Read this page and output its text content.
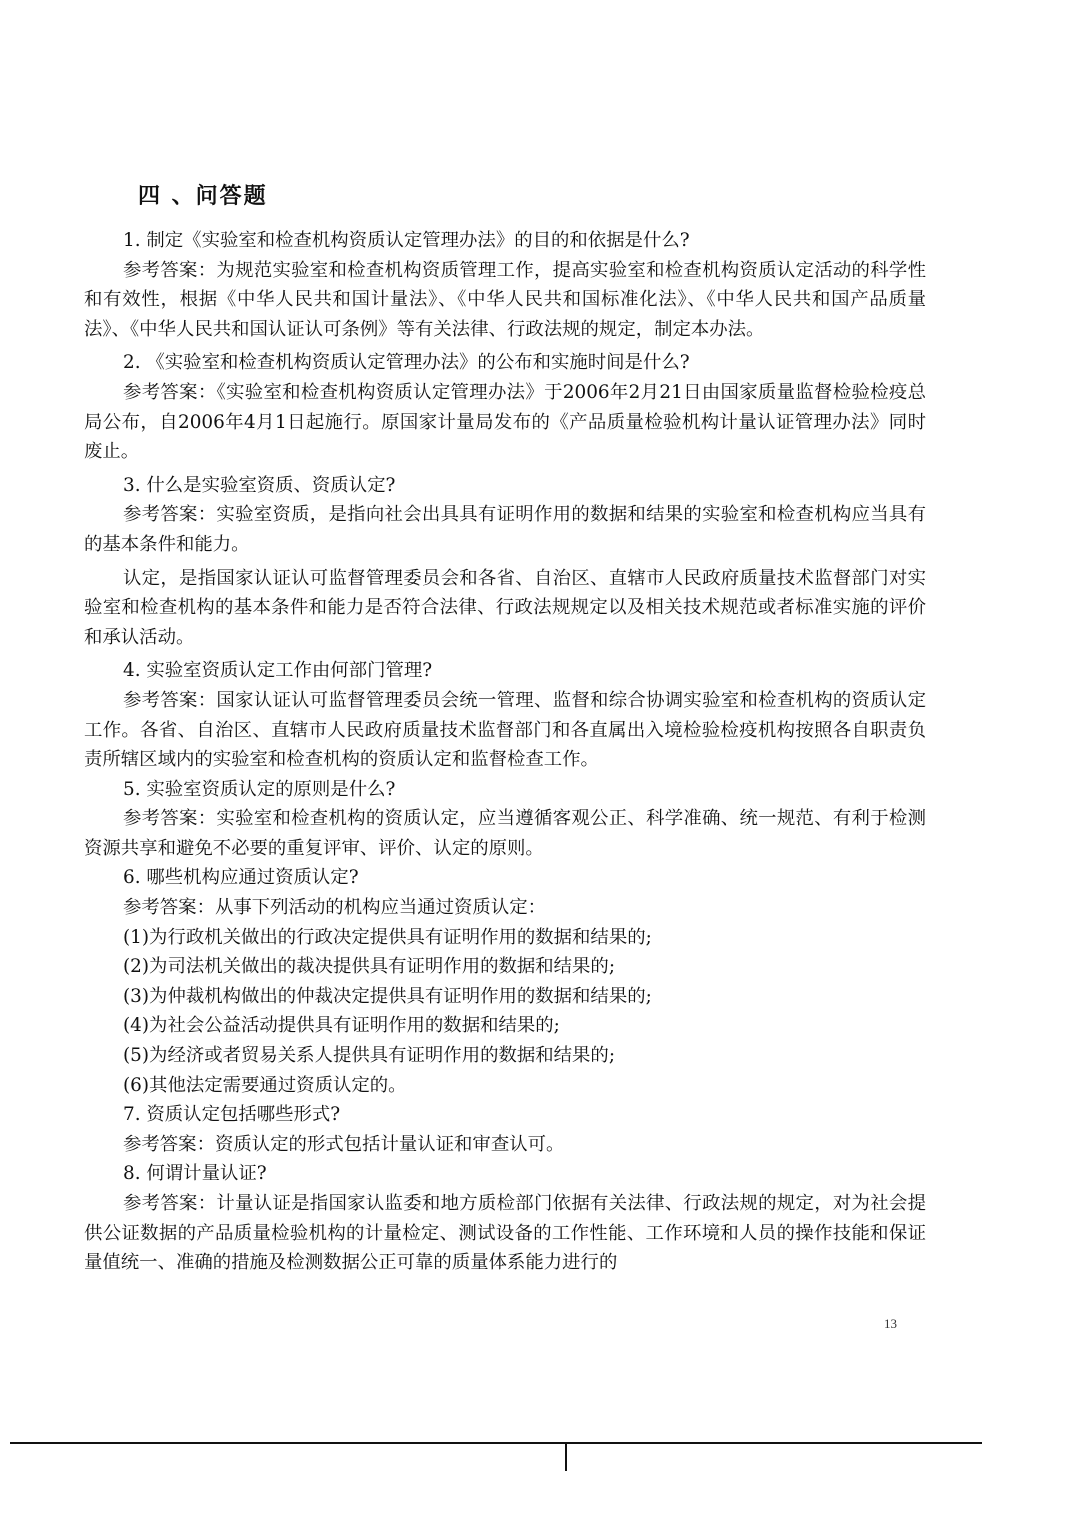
四 、问答题
1. 制定《实验室和检查机构资质认定管理办法》的目的和依据是什么?
参考答案：为规范实验室和检查机构资质管理工作，提高实验室和检查机构资质认定活动的科学性和有效性，根据《中华人民共和国计量法》、《中华人民共和国标准化法》、《中华人民共和国产品质量法》、《中华人民共和国认证认可条例》等有关法律、行政法规的规定，制定本办法。
2. 《实验室和检查机构资质认定管理办法》的公布和实施时间是什么?
参考答案：《实验室和检查机构资质认定管理办法》于2006年2月21日由国家质量监督检验检疫总局公布，自2006年4月1日起施行。原国家计量局发布的《产品质量检验机构计量认证管理办法》同时废止。
3. 什么是实验室资质、资质认定?
参考答案：实验室资质，是指向社会出具具有证明作用的数据和结果的实验室和检查机构应当具有的基本条件和能力。
认定，是指国家认证认可监督管理委员会和各省、自治区、直辖市人民政府质量技术监督部门对实验室和检查机构的基本条件和能力是否符合法律、行政法规规定以及相关技术规范或者标准实施的评价和承认活动。
4. 实验室资质认定工作由何部门管理?
参考答案：国家认证认可监督管理委员会统一管理、监督和综合协调实验室和检查机构的资质认定工作。各省、自治区、直辖市人民政府质量技术监督部门和各直属出入境检验检疫机构按照各自职责负责所辖区域内的实验室和检查机构的资质认定和监督检查工作。
5. 实验室资质认定的原则是什么?
参考答案：实验室和检查机构的资质认定，应当遵循客观公正、科学准确、统一规范、有利于检测资源共享和避免不必要的重复评审、评价、认定的原则。
6. 哪些机构应通过资质认定?
参考答案：从事下列活动的机构应当通过资质认定：
(1)为行政机关做出的行政决定提供具有证明作用的数据和结果的;
(2)为司法机关做出的裁决提供具有证明作用的数据和结果的;
(3)为仲裁机构做出的仲裁决定提供具有证明作用的数据和结果的;
(4)为社会公益活动提供具有证明作用的数据和结果的;
(5)为经济或者贸易关系人提供具有证明作用的数据和结果的;
(6)其他法定需要通过资质认定的。
7. 资质认定包括哪些形式?
参考答案：资质认定的形式包括计量认证和审查认可。
8. 何谓计量认证?
参考答案：计量认证是指国家认监委和地方质检部门依据有关法律、行政法规的规定，对为社会提供公证数据的产品质量检验机构的计量检定、测试设备的工作性能、工作环境和人员的操作技能和保证量值统一、准确的措施及检测数据公正可靠的质量体系能力进行的
13
